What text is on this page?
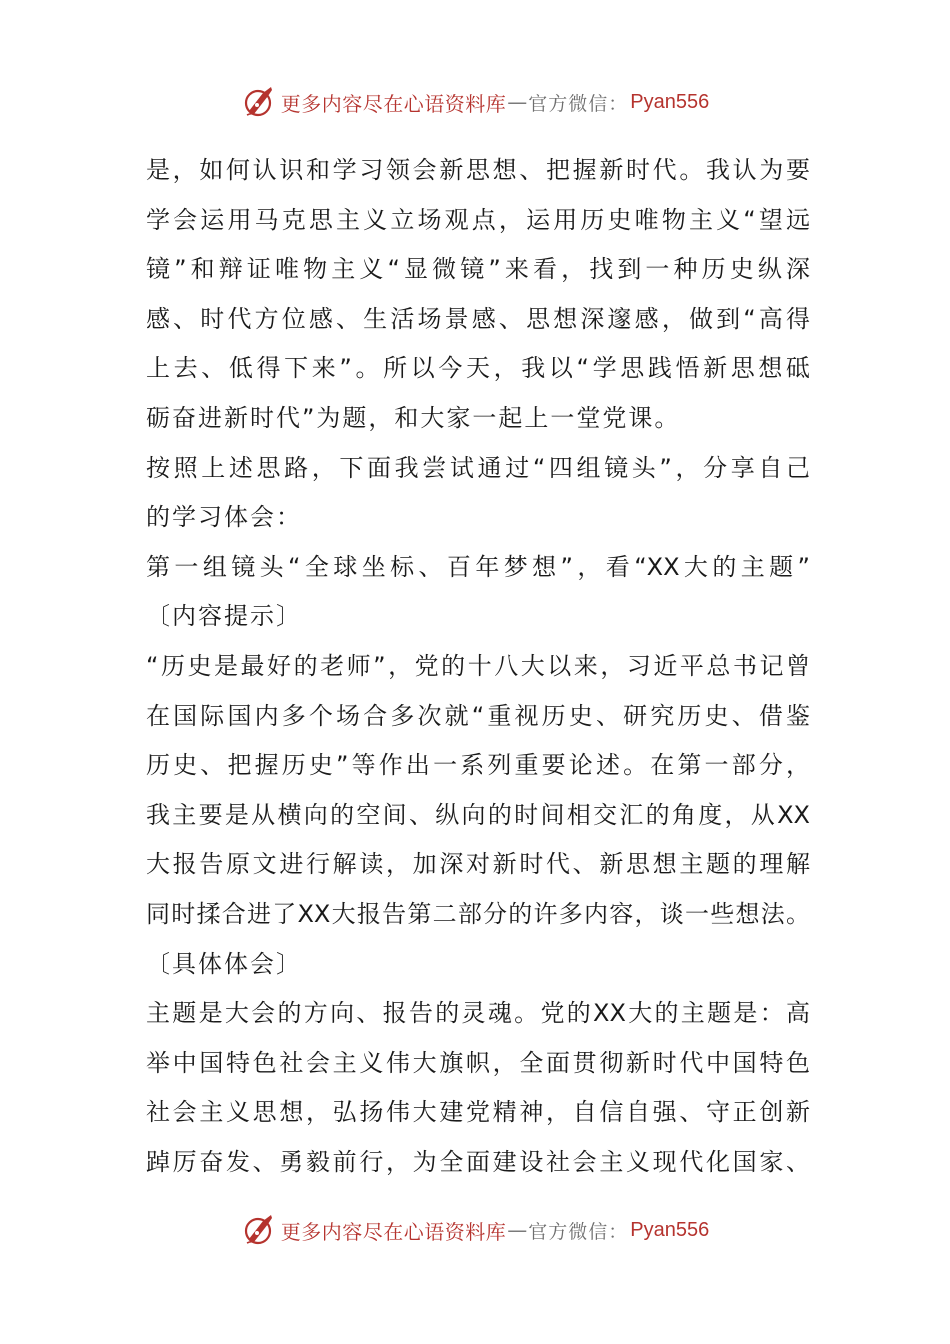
更多内容尽在心语资料库 — 官方微信： Pyan556
是，如何认识和学习领会新思想、把握新时代。我认为要
学会运用马克思主义立场观点，运用历史唯物主义“望远
镜”和辩证唯物主义“显微镜”来看，找到一种历史纵深
感、时代方位感、生活场景感、思想深邃感，做到“高得
上去、低得下来”。所以今天，我以“学思践悟新思想砥
砺奋进新时代”为题，和大家一起上一堂党课。
按照上述思路，下面我尝试通过“四组镜头”，分享自己
的学习体会：
第一组镜头“全球坐标、百年梦想”，看“XX大的主题”
〔内容提示〕
“历史是最好的老师”，党的十八大以来，习近平总书记曾
在国际国内多个场合多次就“重视历史、研究历史、借鉴
历史、把握历史”等作出一系列重要论述。在第一部分，
我主要是从横向的空间、纵向的时间相交汇的角度，从XX
大报告原文进行解读，加深对新时代、新思想主题的理解
同时揉合进了XX大报告第二部分的许多内容，谈一些想法。
〔具体体会〕
主题是大会的方向、报告的灵魂。党的XX大的主题是：高
举中国特色社会主义伟大旗帜，全面贯彻新时代中国特色
社会主义思想，弘扬伟大建党精神，自信自强、守正创新
踔厉奋发、勇毅前行，为全面建设社会主义现代化国家、
更多内容尽在心语资料库 — 官方微信： Pyan556
